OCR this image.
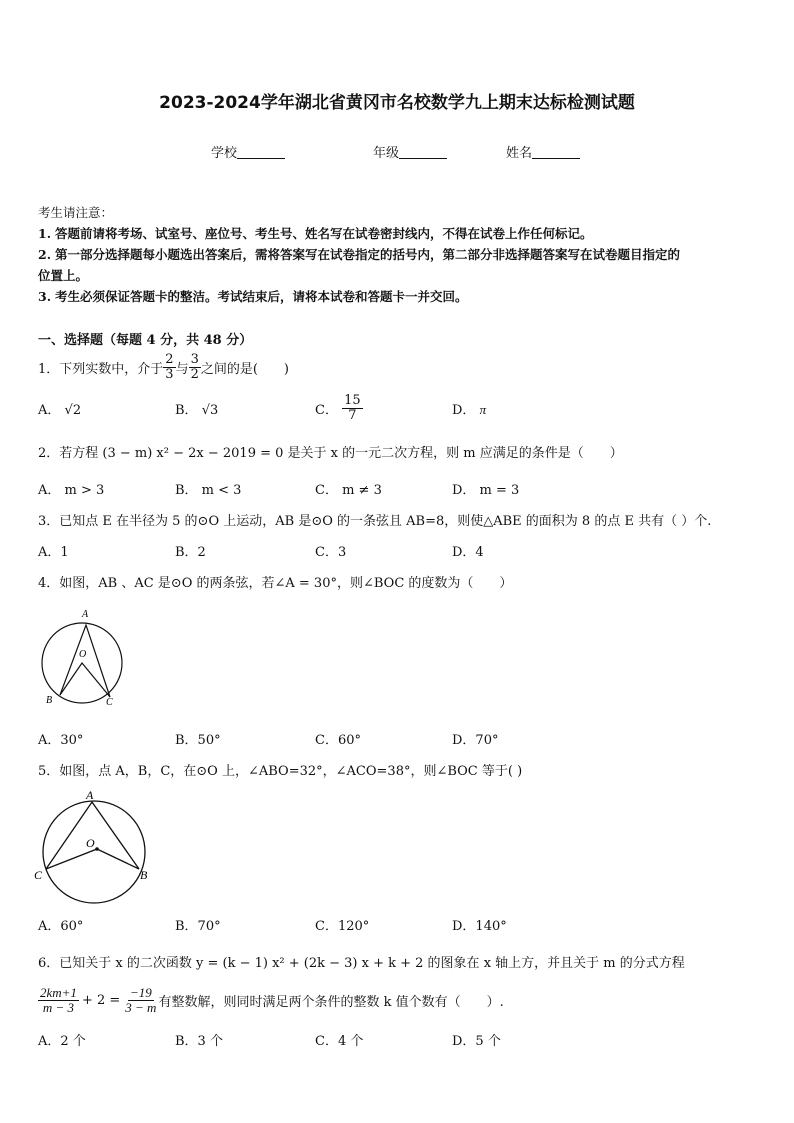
2023-2024学年湖北省黄冈市名校数学九上期末达标检测试题
学校	年级	姓名
考生请注意：
1. 答题前请将考场、试室号、座位号、考生号、姓名写在试卷密封线内，不得在试卷上作任何标记。
2. 第一部分选择题每小题选出答案后，需将答案写在试卷指定的括号内，第二部分非选择题答案写在试卷题目指定的
位置上。
3. 考生必须保证答题卡的整洁。考试结束后，请将本试卷和答题卡一并交回。
一、选择题（每题 4 分，共 48 分）
1．下列实数中，介于 $\frac{2}{3}$ 与 $\frac{3}{2}$ 之间的是(　　)
A． √2	B． √3	C．
$\frac{15}{7}$	D． π
2．若方程 (3 − m) x² − 2x − 2019 = 0 是关于 x 的一元二次方程，则 m 应满足的条件是（　　）
A． m > 3	B． m < 3	C． m ≠ 3	D． m = 3
3．已知点 E 在半径为 5 的⊙O 上运动，AB 是⊙O 的一条弦且 AB=8，则使△ABE 的面积为 8 的点 E 共有（ ）个.
A．1	B．2	C．3	D．4
4．如图，AB 、AC 是⊙O 的两条弦，若∠A = 30°，则∠BOC 的度数为（　　）
A
O
B	C
A．30°	B．50°	C．60°	D．70°
5．如图，点 A，B，C，在⊙O 上，∠ABO=32°，∠ACO=38°，则∠BOC 等于( )
A
O
C	B
A．60°	B．70°	C．120°	D．140°
6．已知关于 x 的二次函数 y = (k − 1) x² + (2k − 3) x + k + 2 的图象在 x 轴上方，并且关于 m 的分式方程
$\frac{2km+1}{m - 3} + 2 = \frac{-19}{3 - m}$ 有整数解，则同时满足两个条件的整数 k 值个数有（　　）.
A．2 个	B．3 个	C．4 个	D．5 个
